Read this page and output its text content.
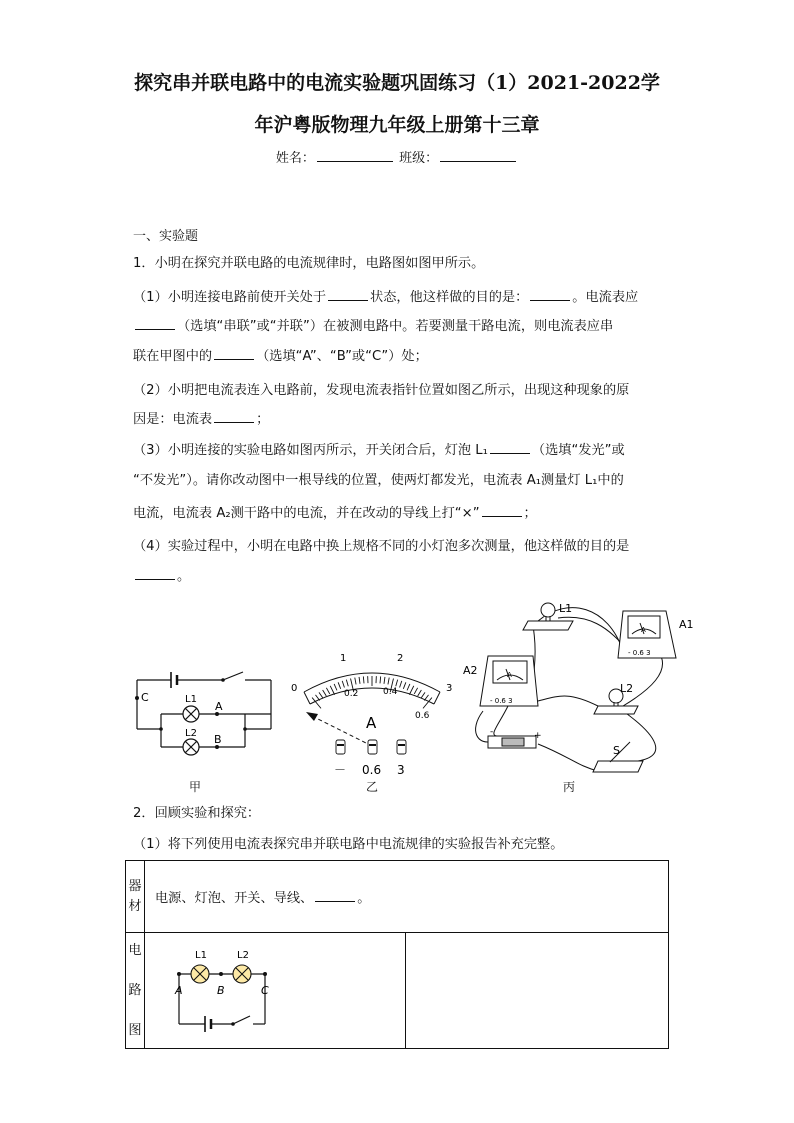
探究串并联电路中的电流实验题巩固练习（1）2021-2022学
年沪粤版物理九年级上册第十三章
姓名：	班级：
一、实验题
1．小明在探究并联电路的电流规律时，电路图如图甲所示。
（1）小明连接电路前使开关处于	状态，他这样做的目的是：	。电流表应
（选填“串联”或“并联”）在被测电路中。若要测量干路电流，则电流表应串
联在甲图中的	（选填“A”、“B”或“C”）处；
（2）小明把电流表连入电路前，发现电流表指针位置如图乙所示，出现这种现象的原
因是：电流表	；
（3）小明连接的实验电路如图丙所示，开关闭合后，灯泡 L₁	（选填“发光”或
“不发光”）。请你改动图中一根导线的位置，使两灯都发光，电流表 A₁测量灯 L₁中的
电流，电流表 A₂测干路中的电流，并在改动的导线上打“×”	；
（4）实验过程中，小明在电路中换上规格不同的小灯泡多次测量，他这样做的目的是
。
C
A
B
L1
L2
甲
0
1	2
3
0.2	0.4
0.6
A
－ 0.6 3
乙
L1
A1
A2
L2
S
A
A
- 0.6 3
- 0.6 3
-	+
丙
2．回顾实验和探究：
（1）将下列使用电流表探究串并联电路中电流规律的实验报告补充完整。
器
材	电源、灯泡、开关、导线、 。	
电

路

图	L1 L2
A B C	
